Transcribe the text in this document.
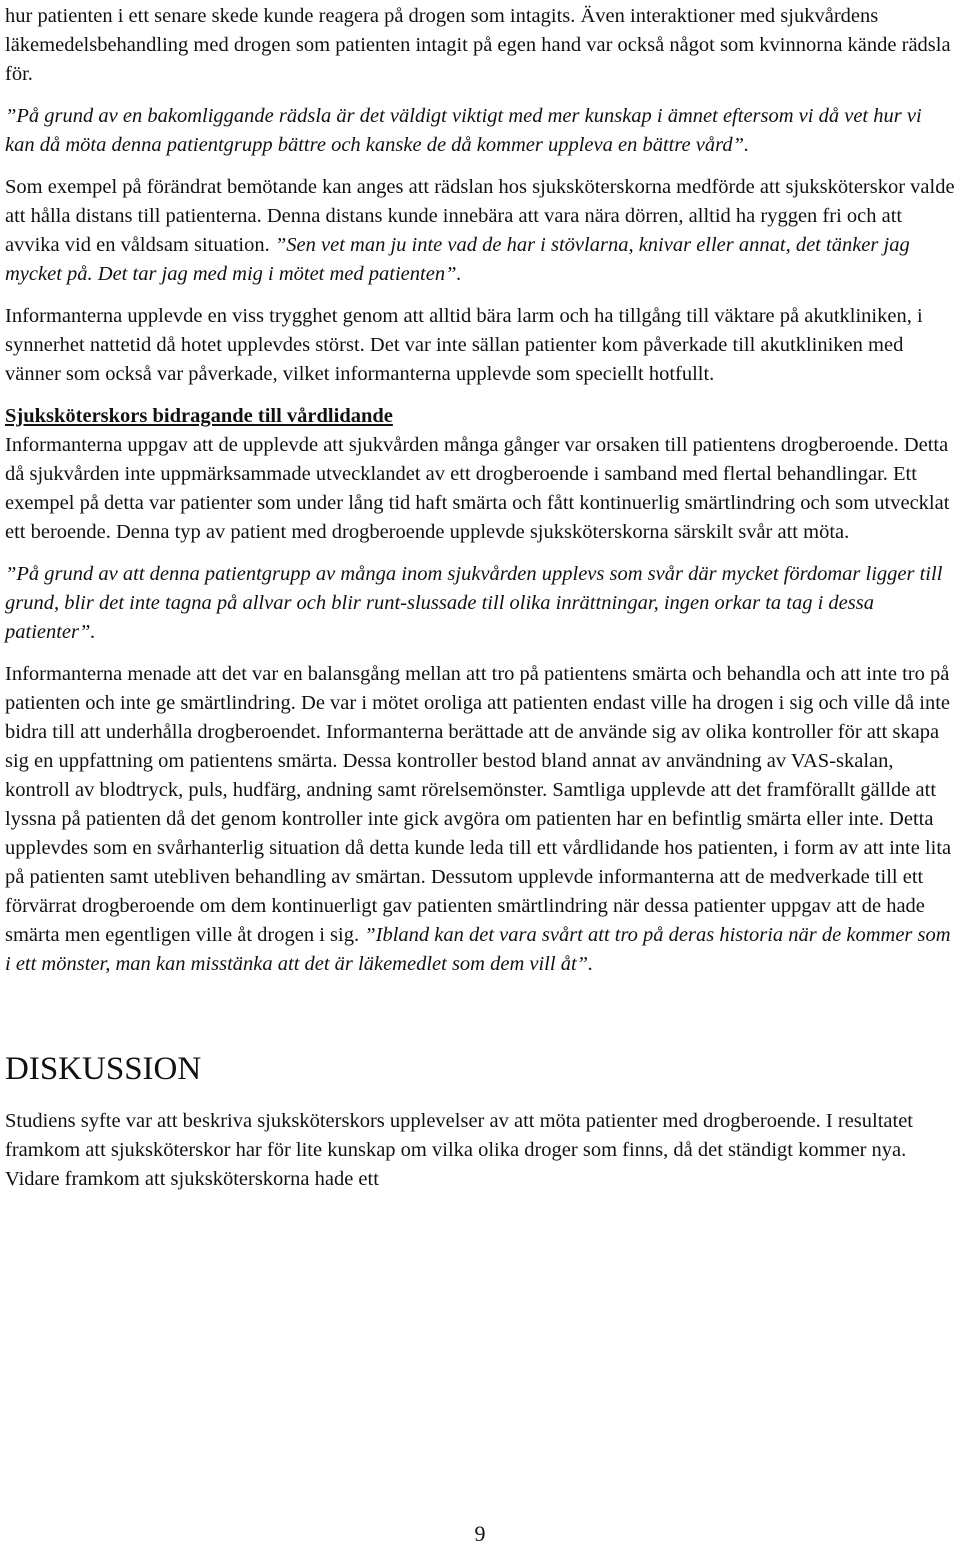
hur patienten i ett senare skede kunde reagera på drogen som intagits. Även interaktioner med sjukvårdens läkemedelsbehandling med drogen som patienten intagit på egen hand var också något som kvinnorna kände rädsla för.

”På grund av en bakomliggande rädsla är det väldigt viktigt med mer kunskap i ämnet eftersom vi då vet hur vi kan då möta denna patientgrupp bättre och kanske de då kommer uppleva en bättre vård”.

Som exempel på förändrat bemötande kan anges att rädslan hos sjuksköterskorna medförde att sjuksköterskor valde att hålla distans till patienterna. Denna distans kunde innebära att vara nära dörren, alltid ha ryggen fri och att avvika vid en våldsam situation. ”Sen vet man ju inte vad de har i stövlarna, knivar eller annat, det tänker jag mycket på. Det tar jag med mig i mötet med patienten”.

Informanterna upplevde en viss trygghet genom att alltid bära larm och ha tillgång till väktare på akutkliniken, i synnerhet nattetid då hotet upplevdes störst. Det var inte sällan patienter kom påverkade till akutkliniken med vänner som också var påverkade, vilket informanterna upplevde som speciellt hotfullt.

Sjuksköterskors bidragande till vårdlidande

Informanterna uppgav att de upplevde att sjukvården många gånger var orsaken till patientens drogberoende. Detta då sjukvården inte uppmärksammade utvecklandet av ett drogberoende i samband med flertal behandlingar. Ett exempel på detta var patienter som under lång tid haft smärta och fått kontinuerlig smärtlindring och som utvecklat ett beroende. Denna typ av patient med drogberoende upplevde sjuksköterskorna särskilt svår att möta.

”På grund av att denna patientgrupp av många inom sjukvården upplevs som svår där mycket fördomar ligger till grund, blir det inte tagna på allvar och blir runt-slussade till olika inrättningar, ingen orkar ta tag i dessa patienter”.

Informanterna menade att det var en balansgång mellan att tro på patientens smärta och behandla och att inte tro på patienten och inte ge smärtlindring. De var i mötet oroliga att patienten endast ville ha drogen i sig och ville då inte bidra till att underhålla drogberoendet. Informanterna berättade att de använde sig av olika kontroller för att skapa sig en uppfattning om patientens smärta. Dessa kontroller bestod bland annat av användning av VAS-skalan, kontroll av blodtryck, puls, hudfärg, andning samt rörelsemönster. Samtliga upplevde att det framförallt gällde att lyssna på patienten då det genom kontroller inte gick avgöra om patienten har en befintlig smärta eller inte. Detta upplevdes som en svårhanterlig situation då detta kunde leda till ett vårdlidande hos patienten, i form av att inte lita på patienten samt utebliven behandling av smärtan. Dessutom upplevde informanterna att de medverkade till ett förvärrat drogberoende om dem kontinuerligt gav patienten smärtlindring när dessa patienter uppgav att de hade smärta men egentligen ville åt drogen i sig. ”Ibland kan det vara svårt att tro på deras historia när de kommer som i ett mönster, man kan misstänka att det är läkemedlet som dem vill åt”.

DISKUSSION

Studiens syfte var att beskriva sjuksköterskors upplevelser av att möta patienter med drogberoende. I resultatet framkom att sjuksköterskor har för lite kunskap om vilka olika droger som finns, då det ständigt kommer nya. Vidare framkom att sjuksköterskorna hade ett

9
